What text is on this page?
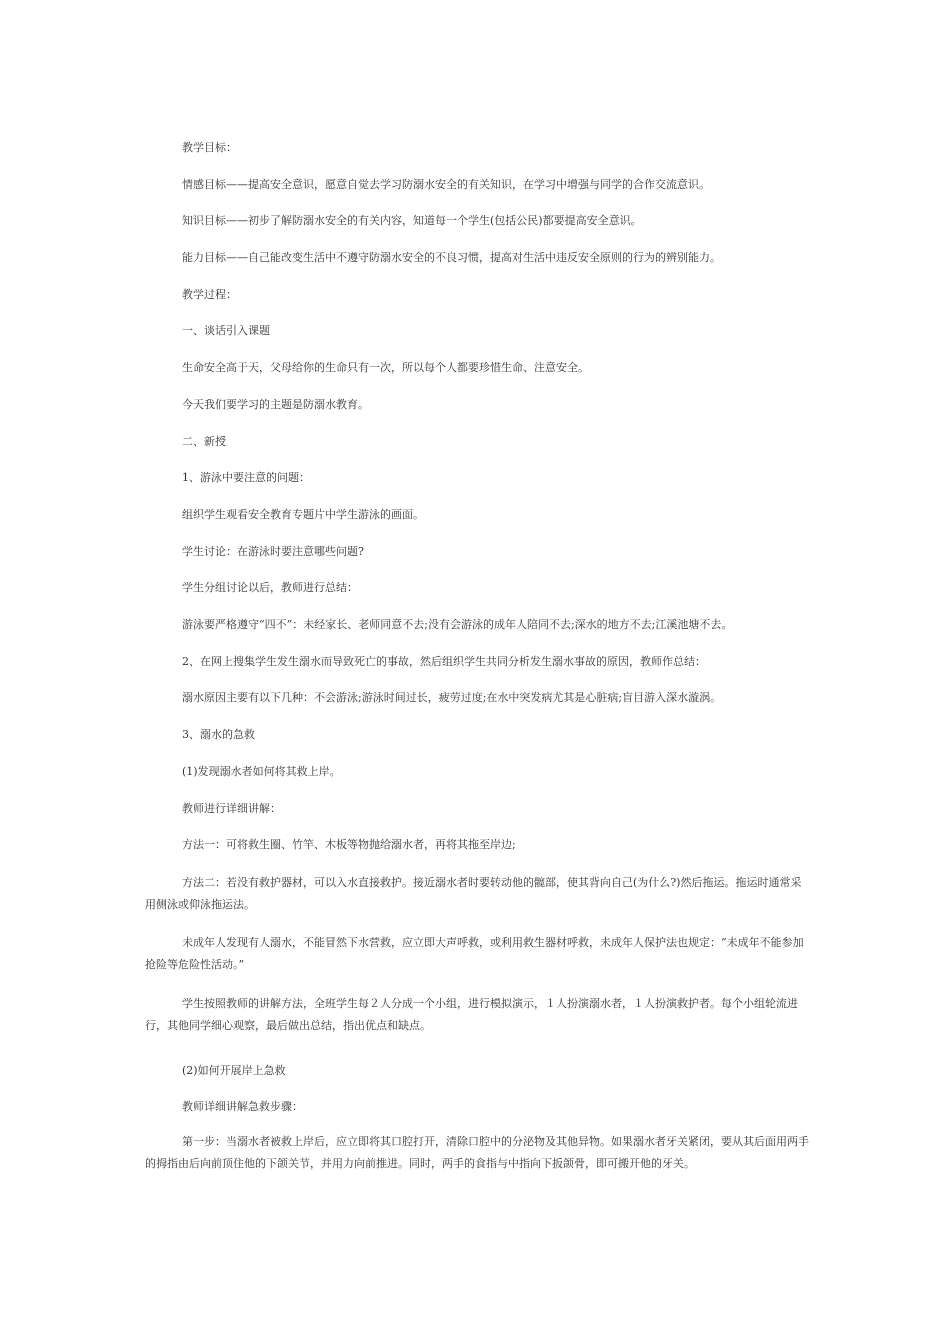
教学目标：

情感目标——提高安全意识，愿意自觉去学习防溺水安全的有关知识，在学习中增强与同学的合作交流意识。

知识目标——初步了解防溺水安全的有关内容，知道每一个学生(包括公民)都要提高安全意识。

能力目标——自己能改变生活中不遵守防溺水安全的不良习惯，提高对生活中违反安全原则的行为的辨别能力。

教学过程：

一、谈话引入课题

生命安全高于天，父母给你的生命只有一次，所以每个人都要珍惜生命、注意安全。

今天我们要学习的主题是防溺水教育。

二、新授

1、游泳中要注意的问题：

组织学生观看安全教育专题片中学生游泳的画面。

学生讨论：在游泳时要注意哪些问题?

学生分组讨论以后，教师进行总结：

游泳要严格遵守“四不”：未经家长、老师同意不去;没有会游泳的成年人陪同不去;深水的地方不去;江溪池塘不去。

2、在网上搜集学生发生溺水而导致死亡的事故，然后组织学生共同分析发生溺水事故的原因，教师作总结：

溺水原因主要有以下几种：不会游泳;游泳时间过长，疲劳过度;在水中突发病尤其是心脏病;盲目游入深水漩涡。

3、溺水的急救

(1)发现溺水者如何将其救上岸。

教师进行详细讲解：

方法一：可将救生圈、竹竿、木板等物抛给溺水者，再将其拖至岸边;

方法二：若没有救护器材，可以入水直接救护。接近溺水者时要转动他的髋部，使其背向自己(为什么?)然后拖运。拖运时通常采用侧泳或仰泳拖运法。

未成年人发现有人溺水，不能冒然下水营救，应立即大声呼救，或利用救生器材呼救，未成年人保护法也规定：“未成年不能参加抢险等危险性活动。”

学生按照教师的讲解方法，全班学生每２人分成一个小组，进行模拟演示，１人扮演溺水者，１人扮演救护者。每个小组轮流进行，其他同学细心观察，最后做出总结，指出优点和缺点。

(2)如何开展岸上急救

教师详细讲解急救步骤：

第一步：当溺水者被救上岸后，应立即将其口腔打开，清除口腔中的分泌物及其他异物。如果溺水者牙关紧闭，要从其后面用两手的拇指由后向前顶住他的下颌关节，并用力向前推进。同时，两手的食指与中指向下扳颌骨，即可搬开他的牙关。
